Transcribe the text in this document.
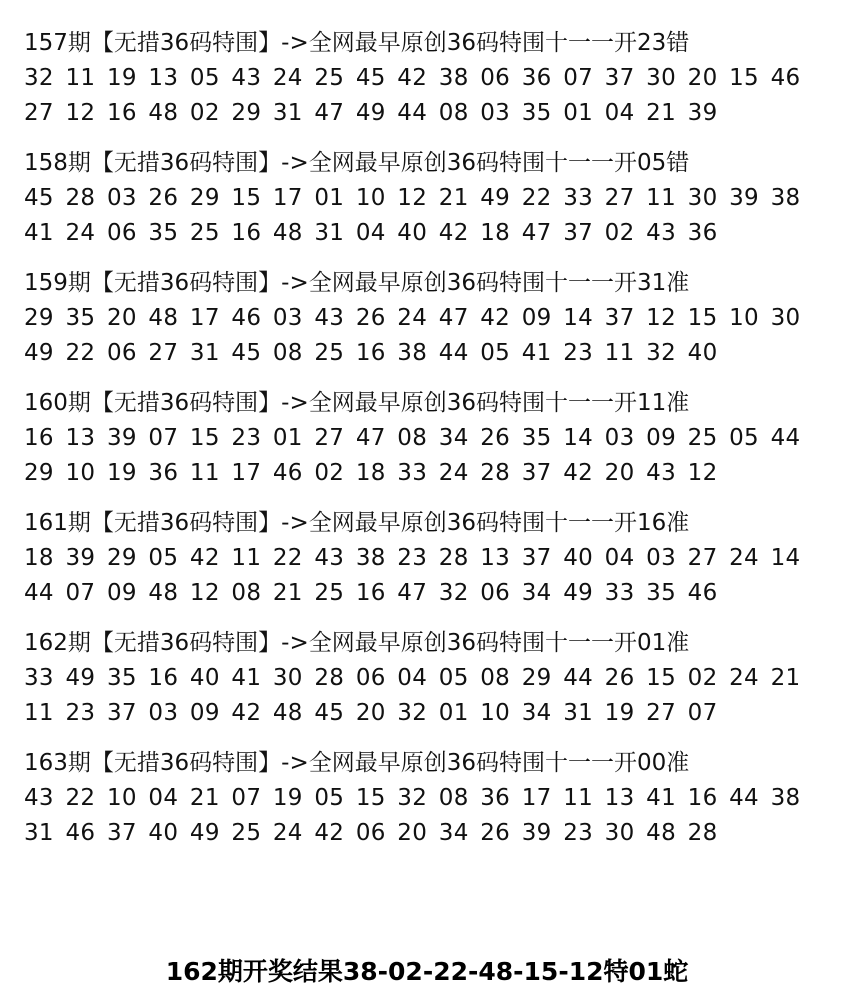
157期【无措36码特围】->全网最早原创36码特围十一一开23错
32 11 19 13 05 43 24 25 45 42 38 06 36 07 37 30 20 15 46
27 12 16 48 02 29 31 47 49 44 08 03 35 01 04 21 39
158期【无措36码特围】->全网最早原创36码特围十一一开05错
45 28 03 26 29 15 17 01 10 12 21 49 22 33 27 11 30 39 38
41 24 06 35 25 16 48 31 04 40 42 18 47 37 02 43 36
159期【无措36码特围】->全网最早原创36码特围十一一开31准
29 35 20 48 17 46 03 43 26 24 47 42 09 14 37 12 15 10 30
49 22 06 27 31 45 08 25 16 38 44 05 41 23 11 32 40
160期【无措36码特围】->全网最早原创36码特围十一一开11准
16 13 39 07 15 23 01 27 47 08 34 26 35 14 03 09 25 05 44
29 10 19 36 11 17 46 02 18 33 24 28 37 42 20 43 12
161期【无措36码特围】->全网最早原创36码特围十一一开16准
18 39 29 05 42 11 22 43 38 23 28 13 37 40 04 03 27 24 14
44 07 09 48 12 08 21 25 16 47 32 06 34 49 33 35 46
162期【无措36码特围】->全网最早原创36码特围十一一开01准
33 49 35 16 40 41 30 28 06 04 05 08 29 44 26 15 02 24 21
11 23 37 03 09 42 48 45 20 32 01 10 34 31 19 27 07
163期【无措36码特围】->全网最早原创36码特围十一一开00准
43 22 10 04 21 07 19 05 15 32 08 36 17 11 13 41 16 44 38
31 46 37 40 49 25 24 42 06 20 34 26 39 23 30 48 28
162期开奖结果38-02-22-48-15-12特01蛇
